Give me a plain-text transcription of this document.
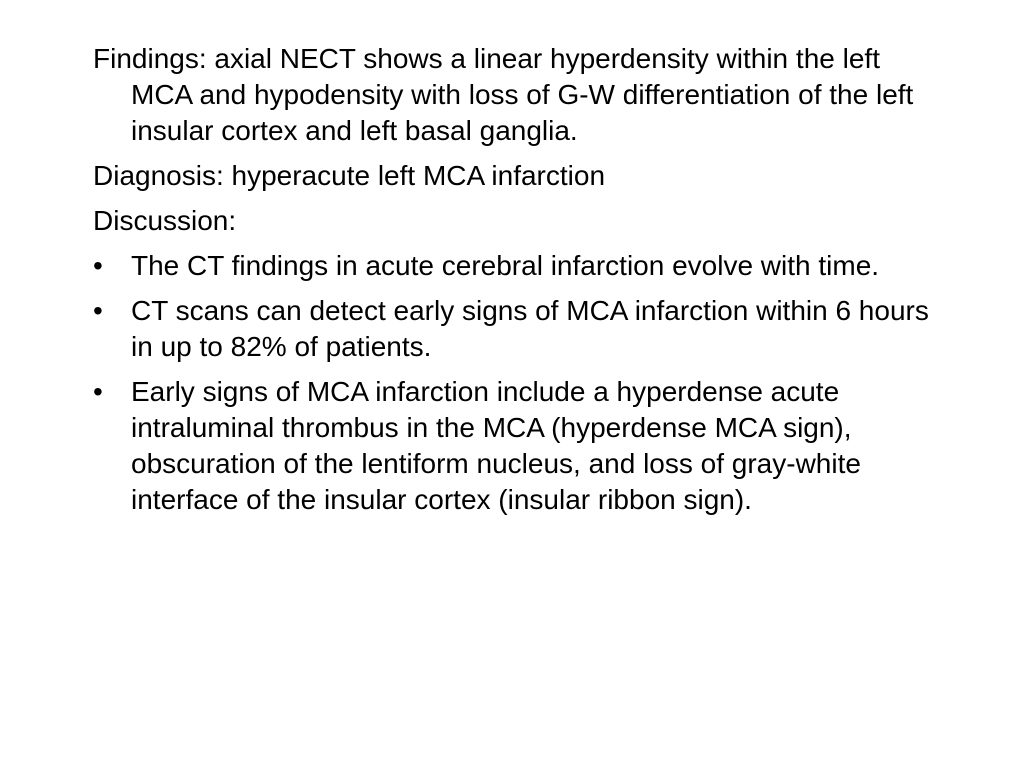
Findings: axial NECT shows a linear hyperdensity within the left MCA and hypodensity with loss of G-W differentiation of the left insular cortex and left basal ganglia.

Diagnosis: hyperacute left MCA infarction

Discussion:

•	The CT findings in acute cerebral infarction evolve with time.
•	CT scans can detect early signs of MCA infarction within 6 hours in up to 82% of patients.
•	Early signs of MCA infarction include a hyperdense acute intraluminal thrombus in the MCA (hyperdense MCA sign), obscuration of the lentiform nucleus, and loss of gray-white interface of the insular cortex (insular ribbon sign).
